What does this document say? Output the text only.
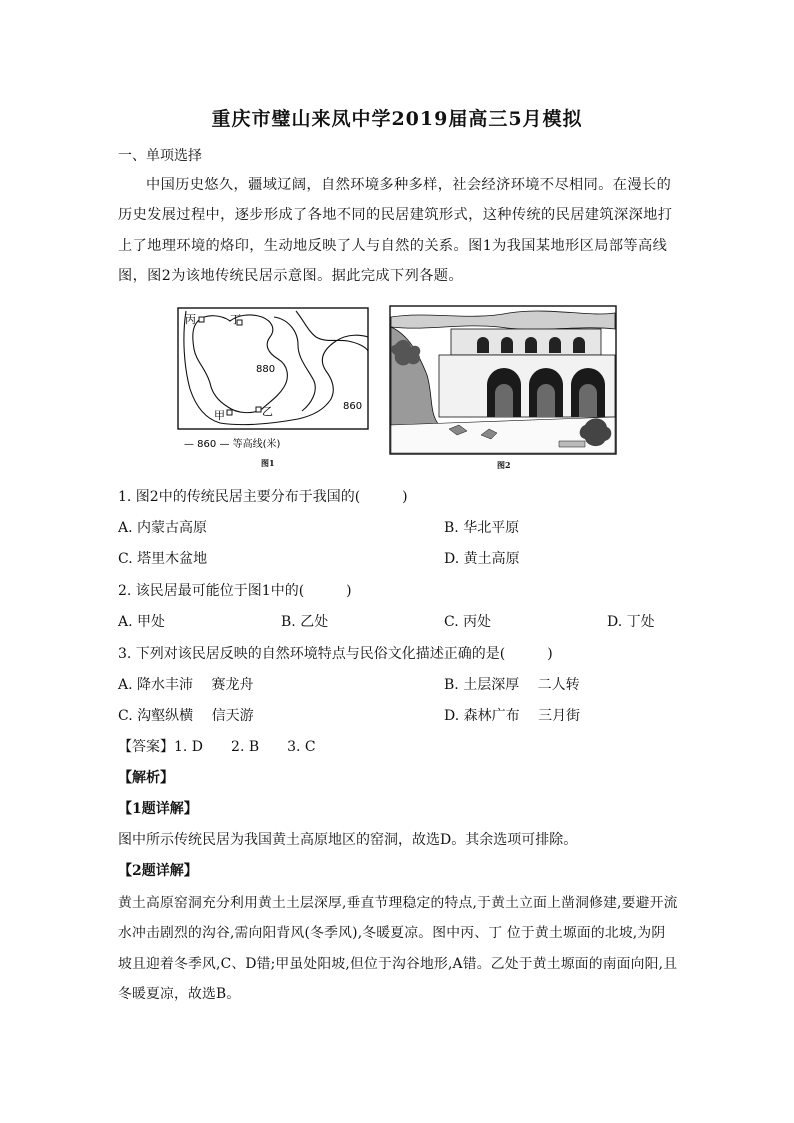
重庆市璧山来凤中学2019届高三5月模拟
一、单项选择
中国历史悠久，疆域辽阔，自然环境多种多样，社会经济环境不尽相同。在漫长的历史发展过程中，逐步形成了各地不同的民居建筑形式，这种传统的民居建筑深深地打上了地理环境的烙印，生动地反映了人与自然的关系。图1为我国某地形区局部等高线图，图2为该地传统民居示意图。据此完成下列各题。
丙	丁
甲	乙
880
860
— 860 — 等高线(米)
图1	图2
1. 图2中的传统民居主要分布于我国的(　　　)
A. 内蒙古高原	B. 华北平原
C. 塔里木盆地	D. 黄土高原
2. 该民居最可能位于图1中的(　　　)
A. 甲处	B. 乙处	C. 丙处	D. 丁处
3. 下列对该民居反映的自然环境特点与民俗文化描述正确的是(　　　)
A. 降水丰沛　 赛龙舟	B. 土层深厚　 二人转
C. 沟壑纵横　 信天游	D. 森林广布　 三月街
【答案】1. D　　2. B　　3. C
【解析】
【1题详解】
图中所示传统民居为我国黄土高原地区的窑洞，故选D。其余选项可排除。
【2题详解】
黄土高原窑洞充分利用黄土土层深厚,垂直节理稳定的特点,于黄土立面上凿洞修建,要避开流水冲击剧烈的沟谷,需向阳背风(冬季风),冬暖夏凉。图中丙、丁 位于黄土塬面的北坡,为阴坡且迎着冬季风,C、D错;甲虽处阳坡,但位于沟谷地形,A错。乙处于黄土塬面的南面向阳,且冬暖夏凉，故选B。
